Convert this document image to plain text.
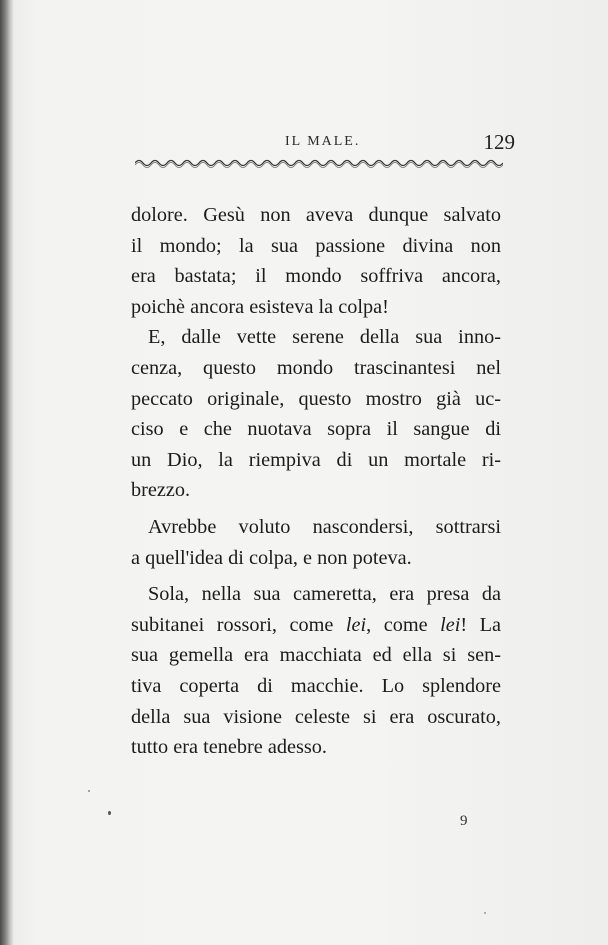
IL MALE.	129

dolore. Gesù non aveva dunque salvato
il mondo; la sua passione divina non
era bastata; il mondo soffriva ancora,
poichè ancora esisteva la colpa!

E, dalle vette serene della sua inno-
cenza, questo mondo trascinantesi nel
peccato originale, questo mostro già uc-
ciso e che nuotava sopra il sangue di
un Dio, la riempiva di un mortale ri-
brezzo.

Avrebbe voluto nascondersi, sottrarsi
a quell'idea di colpa, e non poteva.

Sola, nella sua cameretta, era presa da
subitanei rossori, come lei, come lei! La
sua gemella era macchiata ed ella si sen-
tiva coperta di macchie. Lo splendore
della sua visione celeste si era oscurato,
tutto era tenebre adesso.

9
